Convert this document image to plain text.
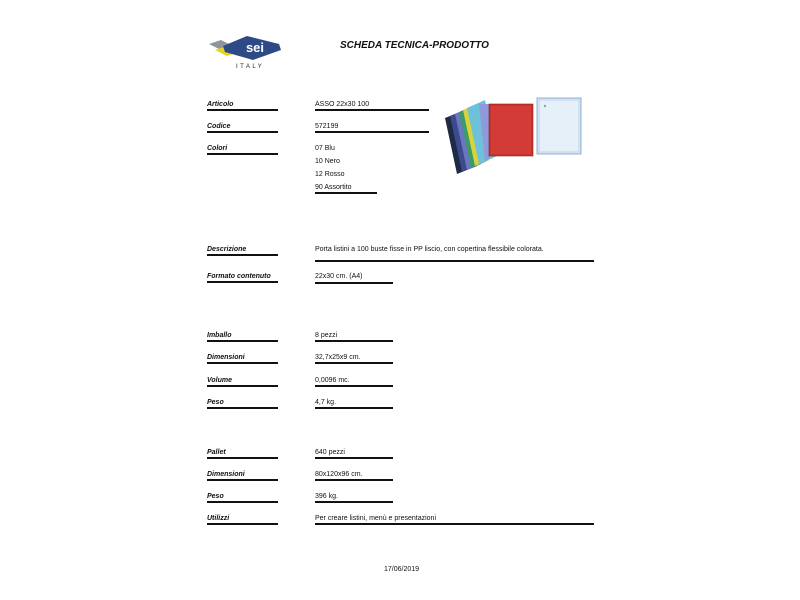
sei
ITALY
SCHEDA TECNICA-PRODOTTO
Articolo	ASSO 22x30 100
Codice	572199
Colori	07 Blu
10 Nero
12 Rosso
90 Assortito
Descrizione	Porta listini a 100 buste fisse in PP liscio, con copertina flessibile colorata.
Formato contenuto	22x30 cm. (A4)
Imballo	8 pezzi
Dimensioni	32,7x25x9 cm.
Volume	0,0096 mc.
Peso	4,7 kg.
Pallet	640 pezzi
Dimensioni	80x120x96 cm.
Peso	396 kg.
Utilizzi	Per creare listini, menù e presentazioni
17/06/2019
